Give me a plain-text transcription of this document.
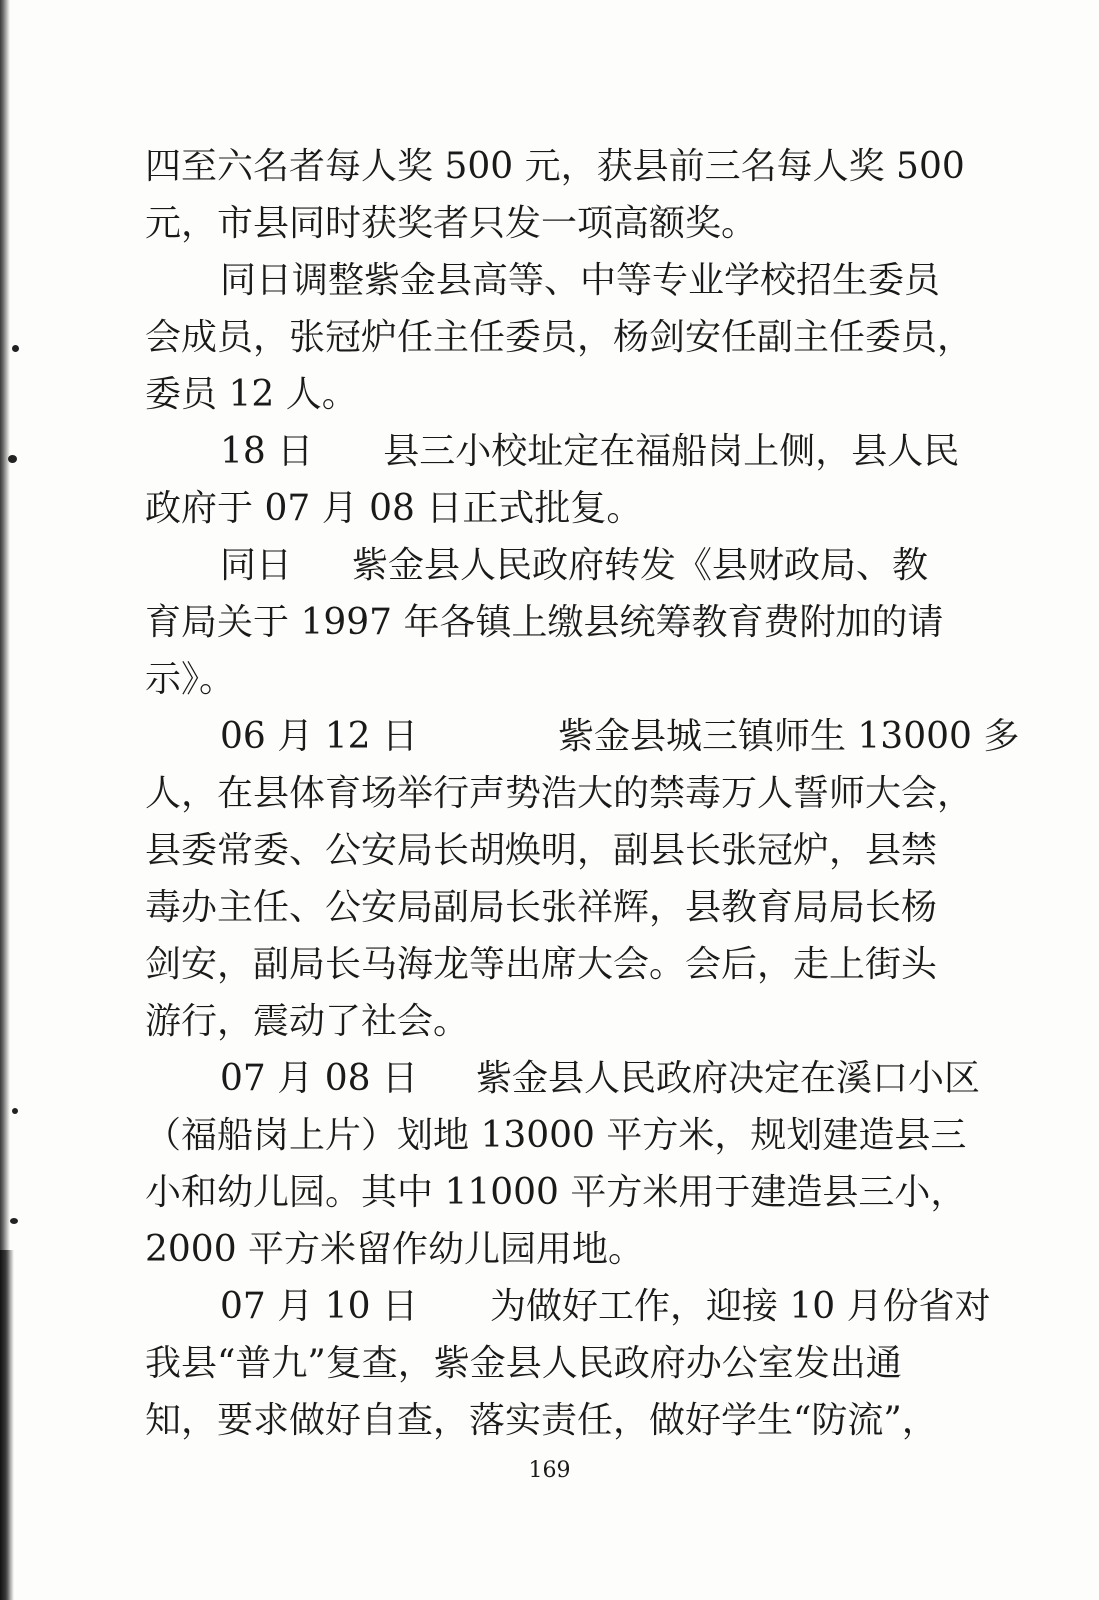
四至六名者每人奖 500 元，获县前三名每人奖 500
元，市县同时获奖者只发一项高额奖。
同日调整紫金县高等、中等专业学校招生委员
会成员，张冠炉任主任委员，杨剑安任副主任委员，
委员 12 人。
18 日 县三小校址定在福船岗上侧，县人民
政府于 07 月 08 日正式批复。
同日 紫金县人民政府转发《县财政局、教
育局关于 1997 年各镇上缴县统筹教育费附加的请
示》。
06 月 12 日	紫金县城三镇师生 13000 多
人，在县体育场举行声势浩大的禁毒万人誓师大会，
县委常委、公安局长胡焕明，副县长张冠炉，县禁
毒办主任、公安局副局长张祥辉，县教育局局长杨
剑安，副局长马海龙等出席大会。会后，走上街头
游行，震动了社会。
07 月 08 日 紫金县人民政府决定在溪口小区
（福船岗上片）划地 13000 平方米，规划建造县三
小和幼儿园。其中 11000 平方米用于建造县三小，
2000 平方米留作幼儿园用地。
07 月 10 日 为做好工作，迎接 10 月份省对
我县“普九”复查，紫金县人民政府办公室发出通
知，要求做好自查，落实责任，做好学生“防流”，
169
